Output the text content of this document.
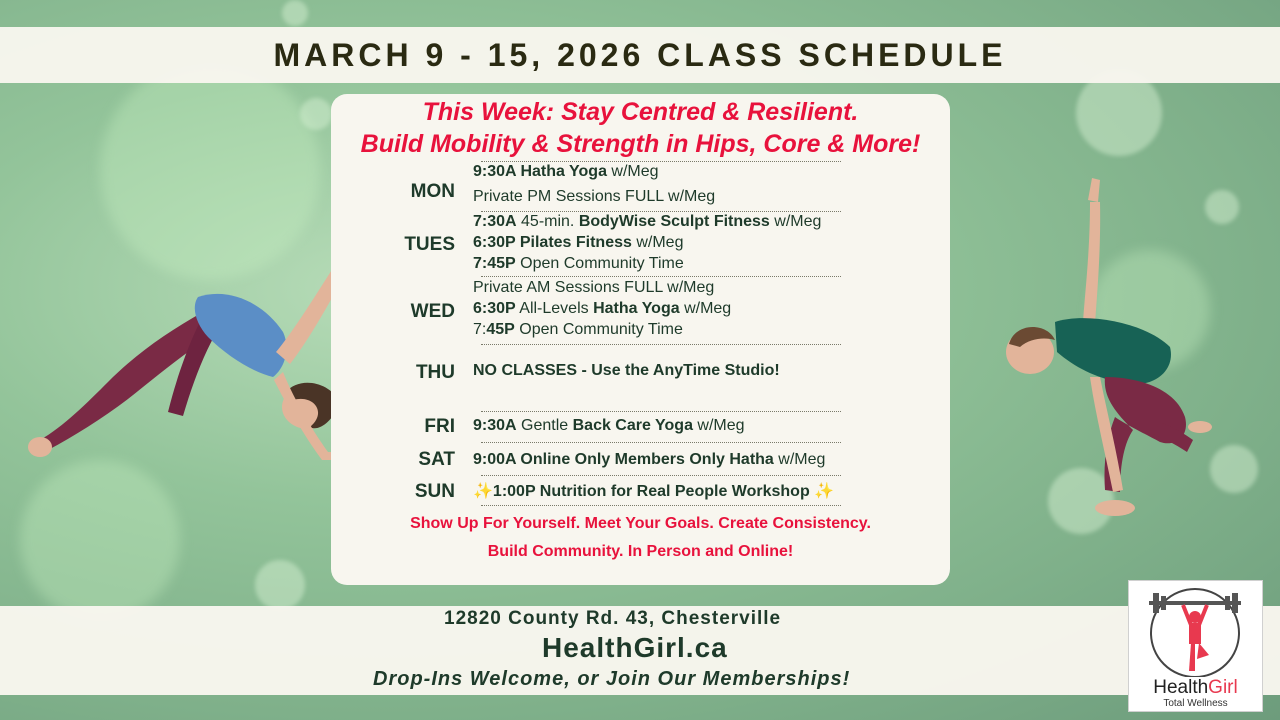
MARCH 9 - 15, 2026 CLASS SCHEDULE
This Week: Stay Centred & Resilient.
Build Mobility & Strength in Hips, Core & More!
MON
9:30A Hatha Yoga w/Meg
Private PM Sessions FULL w/Meg
TUES
7:30A 45-min. BodyWise Sculpt Fitness w/Meg
6:30P Pilates Fitness w/Meg
7:45P Open Community Time
WED
Private AM Sessions FULL w/Meg
6:30P All-Levels Hatha Yoga w/Meg
7:45P Open Community Time
THU NO CLASSES - Use the AnyTime Studio!
FRI 9:30A Gentle Back Care Yoga w/Meg
SAT 9:00A Online Only Members Only Hatha w/Meg
SUN ✨1:00P Nutrition for Real People Workshop ✨
Show Up For Yourself. Meet Your Goals. Create Consistency.
Build Community. In Person and Online!
12820 County Rd. 43, Chesterville
HealthGirl.ca
Drop-Ins Welcome, or Join Our Memberships!	HealthGirl
Total Wellness
